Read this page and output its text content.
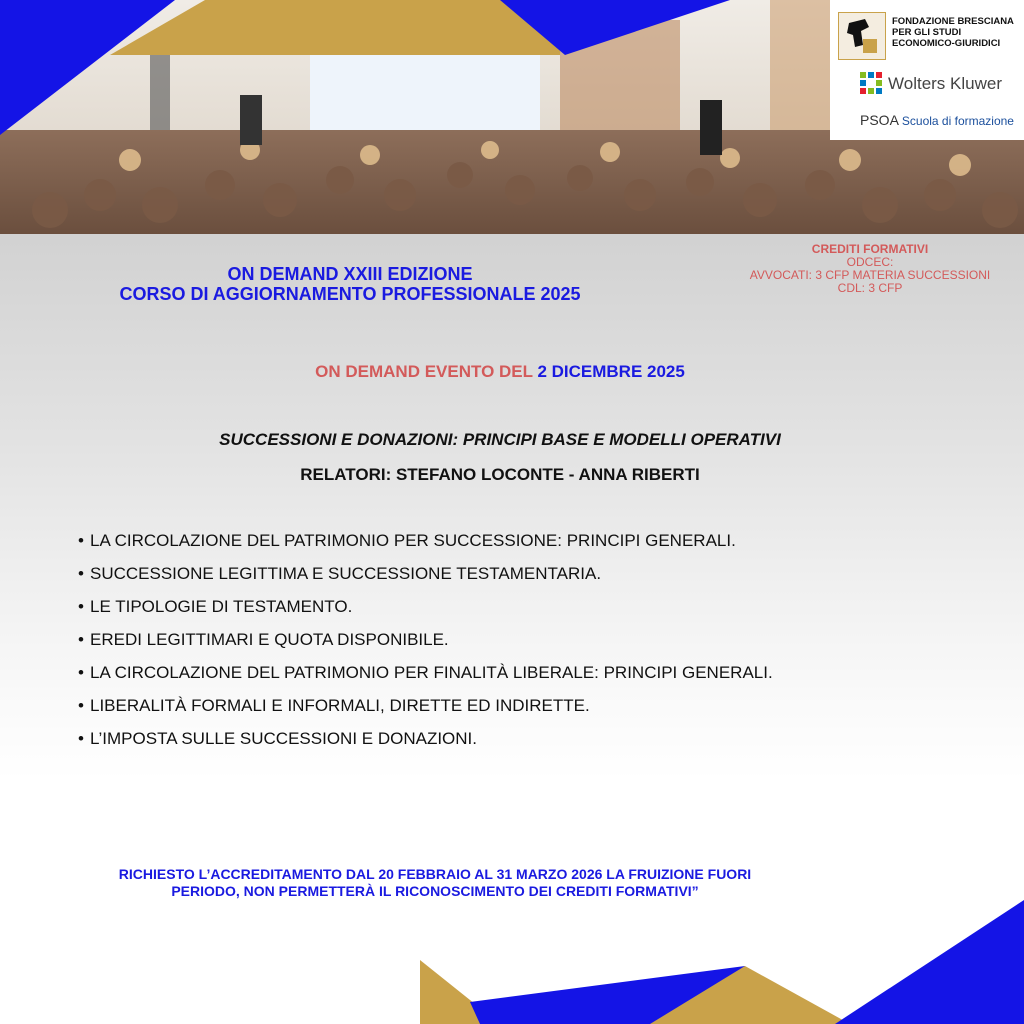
FONDAZIONE BRESCIANA
PER GLI STUDI
ECONOMICO-GIURIDICI
Wolters Kluwer
PSOA Scuola di formazione
ON DEMAND XXIII EDIZIONE
CORSO DI AGGIORNAMENTO PROFESSIONALE 2025
CREDITI FORMATIVI
ODCEC:
AVVOCATI: 3 CFP MATERIA SUCCESSIONI
CDL: 3 CFP
ON DEMAND EVENTO DEL 2 DICEMBRE 2025
SUCCESSIONI E DONAZIONI: PRINCIPI BASE E MODELLI OPERATIVI
RELATORI: STEFANO LOCONTE - ANNA RIBERTI
• LA CIRCOLAZIONE DEL PATRIMONIO PER SUCCESSIONE: PRINCIPI GENERALI.
• SUCCESSIONE LEGITTIMA E SUCCESSIONE TESTAMENTARIA.
• LE TIPOLOGIE DI TESTAMENTO.
• EREDI LEGITTIMARI E QUOTA DISPONIBILE.
• LA CIRCOLAZIONE DEL PATRIMONIO PER FINALITÀ LIBERALE: PRINCIPI GENERALI.
• LIBERALITÀ FORMALI E INFORMALI, DIRETTE ED INDIRETTE.
• L’IMPOSTA SULLE SUCCESSIONI E DONAZIONI.
RICHIESTO L’ACCREDITAMENTO DAL 20 FEBBRAIO AL 31 MARZO 2026 LA FRUIZIONE FUORI
PERIODO, NON PERMETTERÀ IL RICONOSCIMENTO DEI CREDITI FORMATIVI”
